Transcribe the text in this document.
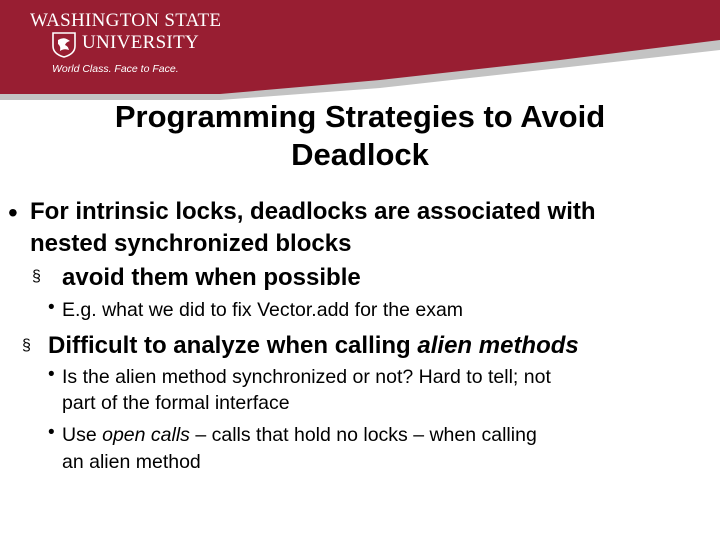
WASHINGTON STATE
UNIVERSITY
World Class. Face to Face.
Programming Strategies to Avoid
Deadlock
• For intrinsic locks, deadlocks are associated with
nested synchronized blocks
§ avoid them when possible
• E.g. what we did to fix Vector.add for the exam
§ Difficult to analyze when calling alien methods
• Is the alien method synchronized or not? Hard to tell; not
part of the formal interface
• Use open calls – calls that hold no locks – when calling
an alien method
